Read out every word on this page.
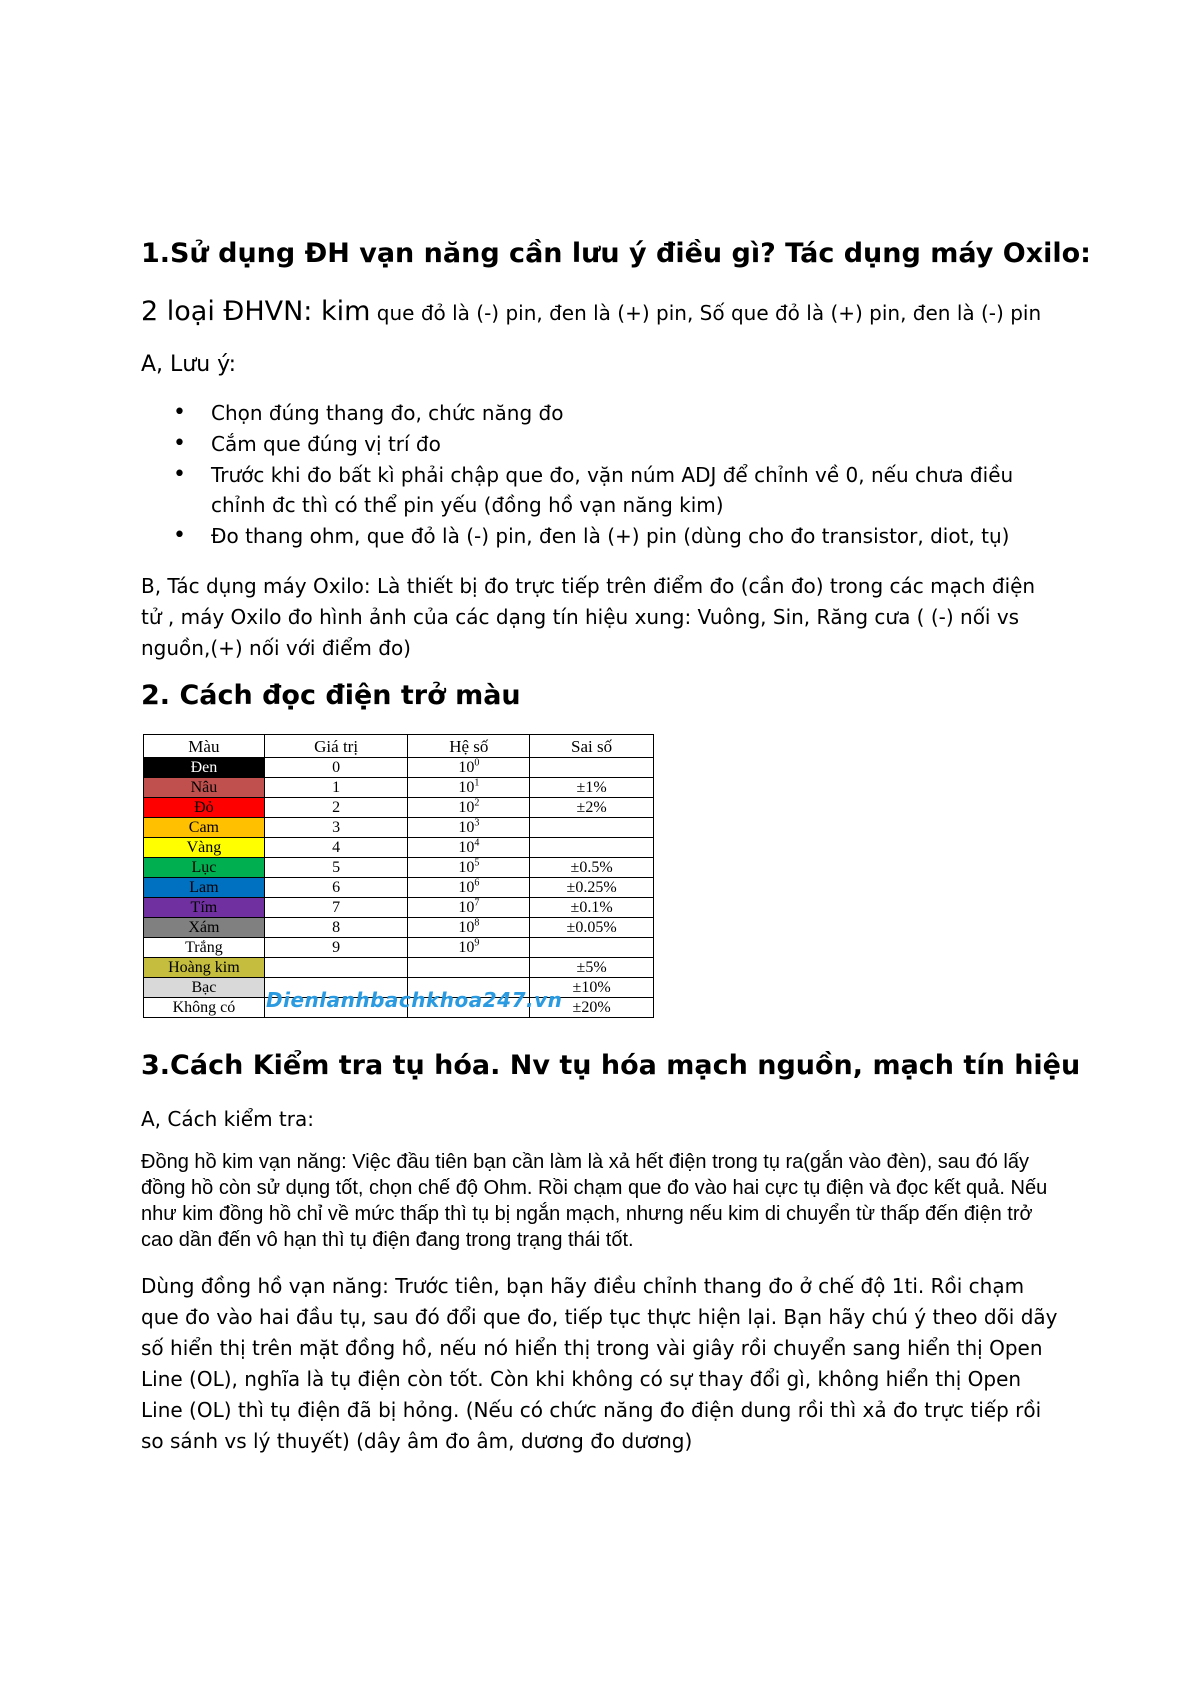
1.Sử dụng ĐH vạn năng cần lưu ý điều gì? Tác dụng máy Oxilo:
2 loại ĐHVN: kim que đỏ là (-) pin, đen là (+) pin, Số que đỏ là (+) pin, đen là (-) pin
A, Lưu ý:
• Chọn đúng thang đo, chức năng đo
• Cắm que đúng vị trí đo
• Trước khi đo bất kì phải chập que đo, vặn núm ADJ để chỉnh về 0, nếu chưa điều chỉnh đc thì có thể pin yếu (đồng hồ vạn năng kim)
• Đo thang ohm, que đỏ là (-) pin, đen là (+) pin (dùng cho đo transistor, diot, tụ)
B, Tác dụng máy Oxilo: Là thiết bị đo trực tiếp trên điểm đo (cần đo) trong các mạch điện tử , máy Oxilo đo hình ảnh của các dạng tín hiệu xung: Vuông, Sin, Răng cưa ( (-) nối vs nguồn,(+) nối với điểm đo)
2. Cách đọc điện trở màu
3.Cách Kiểm tra tụ hóa. Nv tụ hóa mạch nguồn, mạch tín hiệu
A, Cách kiểm tra:
Đồng hồ kim vạn năng: Việc đầu tiên bạn cần làm là xả hết điện trong tụ ra(gắn vào đèn), sau đó lấy đồng hồ còn sử dụng tốt, chọn chế độ Ohm. Rồi chạm que đo vào hai cực tụ điện và đọc kết quả. Nếu như kim đồng hồ chỉ về mức thấp thì tụ bị ngắn mạch, nhưng nếu kim di chuyển từ thấp đến điện trở cao dần đến vô hạn thì tụ điện đang trong trạng thái tốt.
Dùng đồng hồ vạn năng: Trước tiên, bạn hãy điều chỉnh thang đo ở chế độ 1ti. Rồi chạm que đo vào hai đầu tụ, sau đó đổi que đo, tiếp tục thực hiện lại. Bạn hãy chú ý theo dõi dãy số hiển thị trên mặt đồng hồ, nếu nó hiển thị trong vài giây rồi chuyển sang hiển thị Open Line (OL), nghĩa là tụ điện còn tốt. Còn khi không có sự thay đổi gì, không hiển thị Open Line (OL) thì tụ điện đã bị hỏng. (Nếu có chức năng đo điện dung rồi thì xả đo trực tiếp rồi so sánh vs lý thuyết) (dây âm đo âm, dương đo dương)
Màu	Giá trị	Hệ số	Sai số
Đen	0	$10^0$	
Nâu	1	$10^1$	±1%
Đỏ	2	$10^2$	±2%
Cam	3	$10^3$	
Vàng	4	$10^4$	
Lục	5	$10^5$	±0.5%
Lam	6	$10^6$	±0.25%
Tím	7	$10^7$	±0.1%
Xám	8	$10^8$	±0.05%
Trắng	9	$10^9$	
Hoàng kim			±5%
Bạc			±10%
Không có			±20%
Dienlanhbachkhoa247.vn
